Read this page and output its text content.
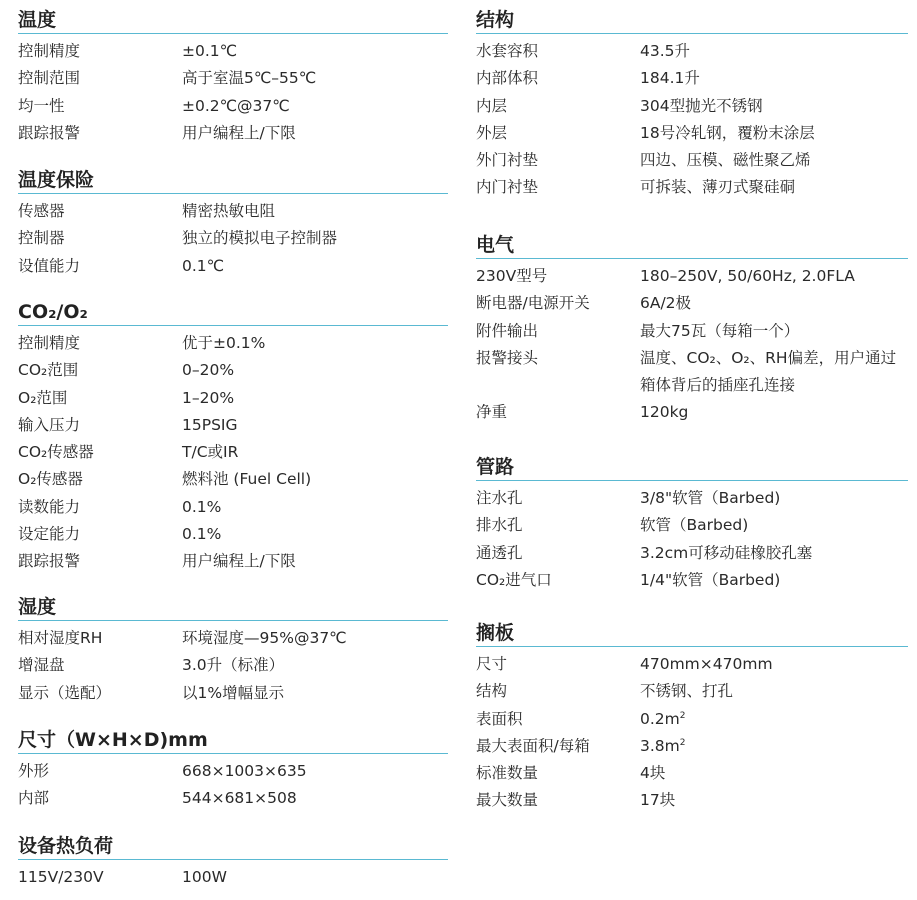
温度
控制精度	±0.1℃
控制范围	高于室温5℃–55℃
均一性	±0.2℃@37℃
跟踪报警	用户编程上/下限
温度保险
传感器	精密热敏电阻
控制器	独立的模拟电子控制器
设值能力	0.1℃
CO₂/O₂
控制精度	优于±0.1%
CO₂范围	0–20%
O₂范围	1–20%
输入压力	15PSIG
CO₂传感器	T/C或IR
O₂传感器	燃料池 (Fuel Cell)
读数能力	0.1%
设定能力	0.1%
跟踪报警	用户编程上/下限
湿度
相对湿度RH	环境湿度—95%@37℃
增湿盘	3.0升（标准）
显示（选配）	以1%增幅显示
尺寸（W×H×D)mm
外形	668×1003×635
内部	544×681×508
设备热负荷
115V/230V	100W
结构
水套容积	43.5升
内部体积	184.1升
内层	304型抛光不锈钢
外层	18号冷轧钢，覆粉末涂层
外门衬垫	四边、压模、磁性聚乙烯
内门衬垫	可拆装、薄刃式聚硅硐
电气
230V型号	180–250V, 50/60Hz, 2.0FLA
断电器/电源开关	6A/2极
附件输出	最大75瓦（每箱一个）
报警接头	温度、CO₂、O₂、RH偏差，用户通过箱体背后的插座孔连接
净重	120kg
管路
注水孔	3/8"软管（Barbed)
排水孔	软管（Barbed)
通透孔	3.2cm可移动硅橡胶孔塞
CO₂进气口	1/4"软管（Barbed)
搁板
尺寸	470mm×470mm
结构	不锈钢、打孔
表面积	$0.2m^2$
最大表面积/每箱	$3.8m^2$
标准数量	4块
最大数量	17块
